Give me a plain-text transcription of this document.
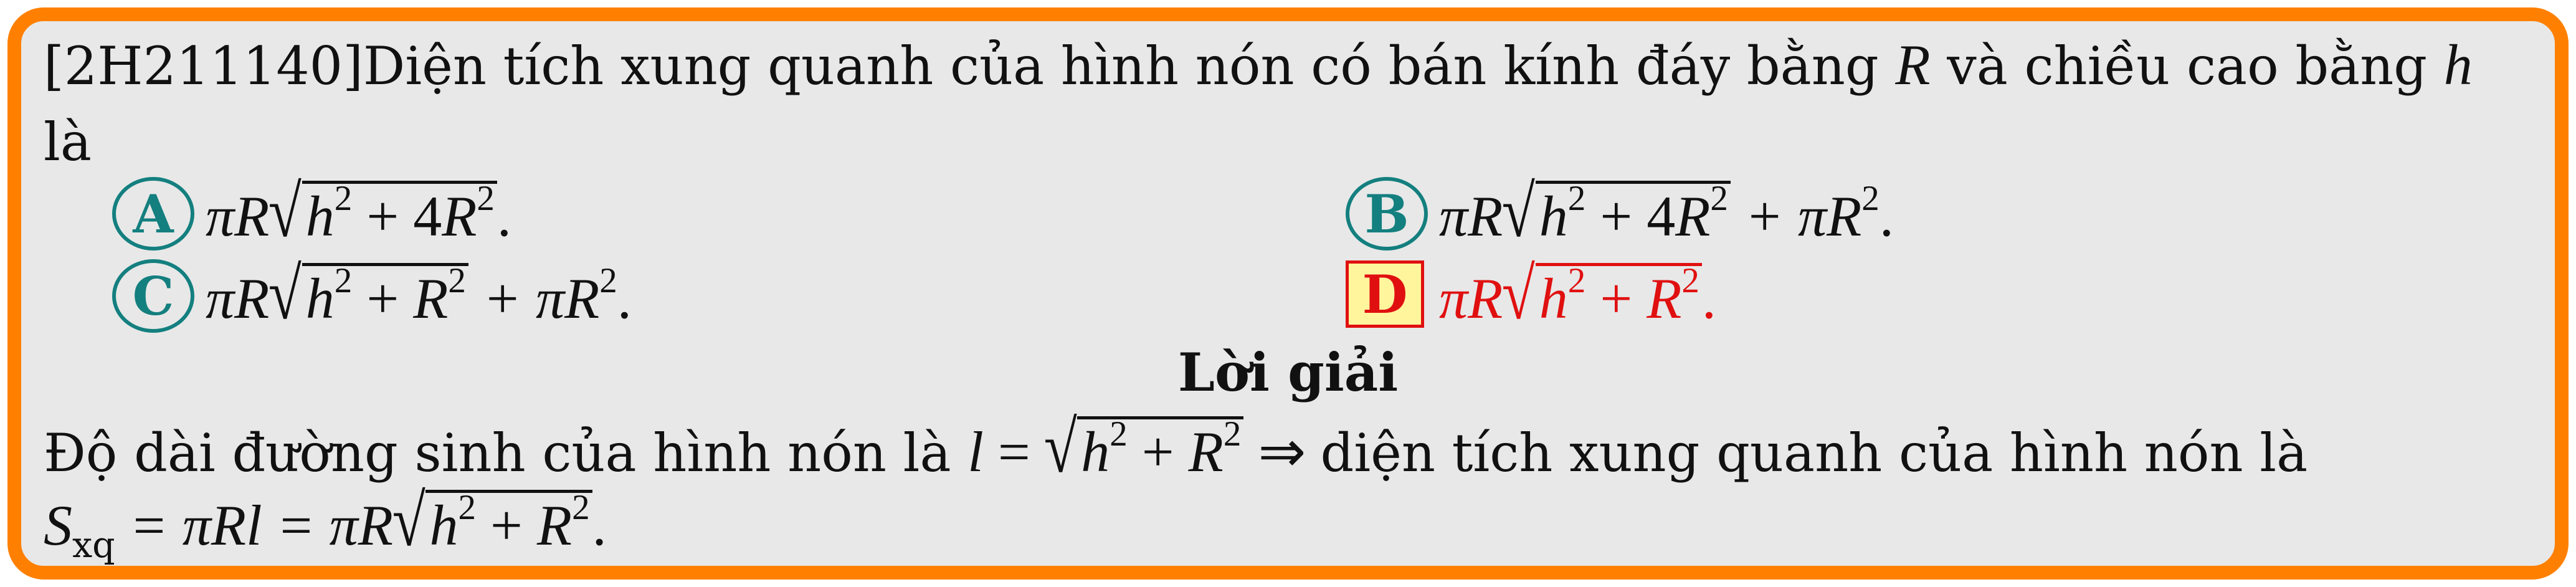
[2H211140]Diện tích xung quanh của hình nón có bán kính đáy bằng R và chiều cao bằng h
là
A $\pi R√h^2 + 4R^2$.	B $\pi R√h^2 + 4R^2 + \pi R^2$.
C $\pi R√h^2 + R^2 + \pi R^2$.	D $\pi R√h^2 + R^2$.
Lời giải
Độ dài đường sinh của hình nón là $l = √h^2 + R^2$ ⇒ diện tích xung quanh của hình nón là
$S_{xq} = \pi Rl = \pi R√h^2 + R^2$.
